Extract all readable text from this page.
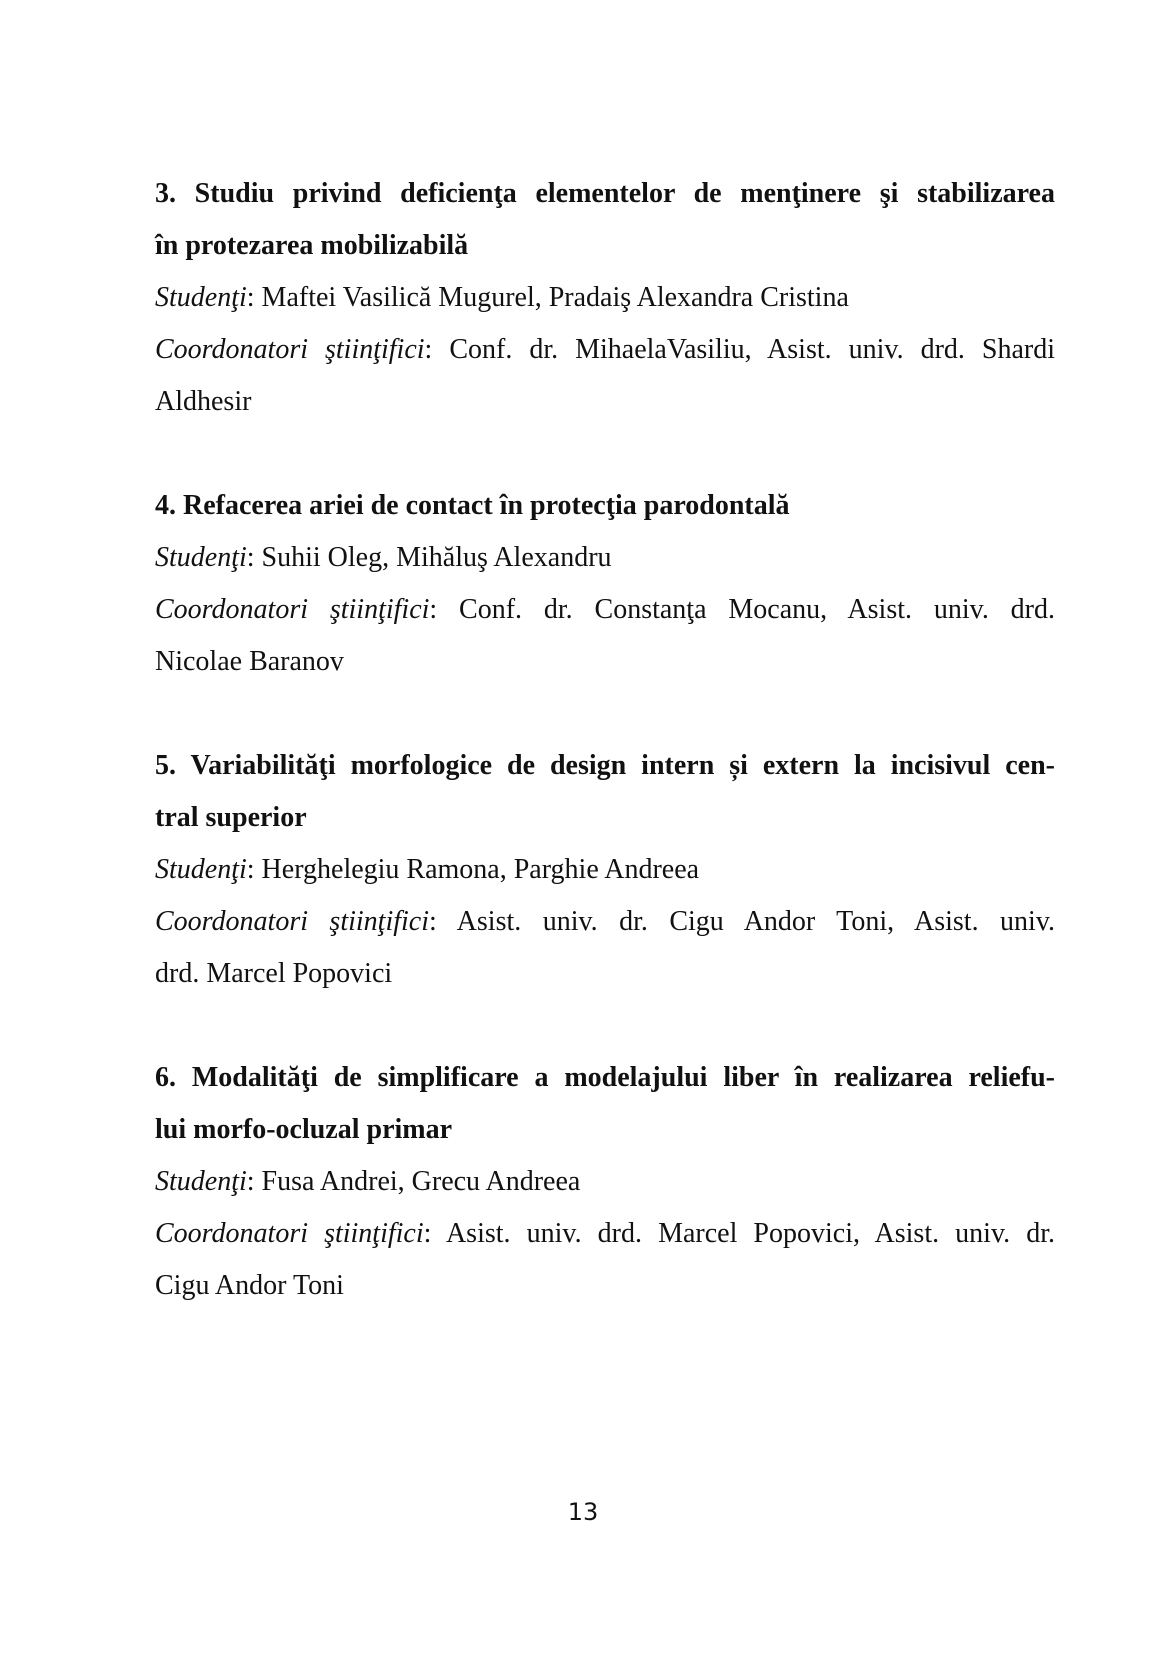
3. Studiu privind deficienţa elementelor de menţinere şi stabilizarea
în protezarea mobilizabilă
Studenţi: Maftei Vasilică Mugurel, Pradaiş Alexandra Cristina
Coordonatori ştiinţifici: Conf. dr. MihaelaVasiliu, Asist. univ. drd. Shardi
Aldhesir
4. Refacerea ariei de contact în protecţia parodontală
Studenţi: Suhii Oleg, Mihăluş Alexandru
Coordonatori ştiinţifici: Conf. dr. Constanţa Mocanu, Asist. univ. drd.
Nicolae Baranov
5. Variabilităţi morfologice de design intern și extern la incisivul cen-
tral superior
Studenţi: Herghelegiu Ramona, Parghie Andreea
Coordonatori ştiinţifici: Asist. univ. dr. Cigu Andor Toni, Asist. univ.
drd. Marcel Popovici
6. Modalităţi de simplificare a modelajului liber în realizarea reliefu-
lui morfo-ocluzal primar
Studenţi: Fusa Andrei, Grecu Andreea
Coordonatori ştiinţifici: Asist. univ. drd. Marcel Popovici, Asist. univ. dr.
Cigu Andor Toni
13
